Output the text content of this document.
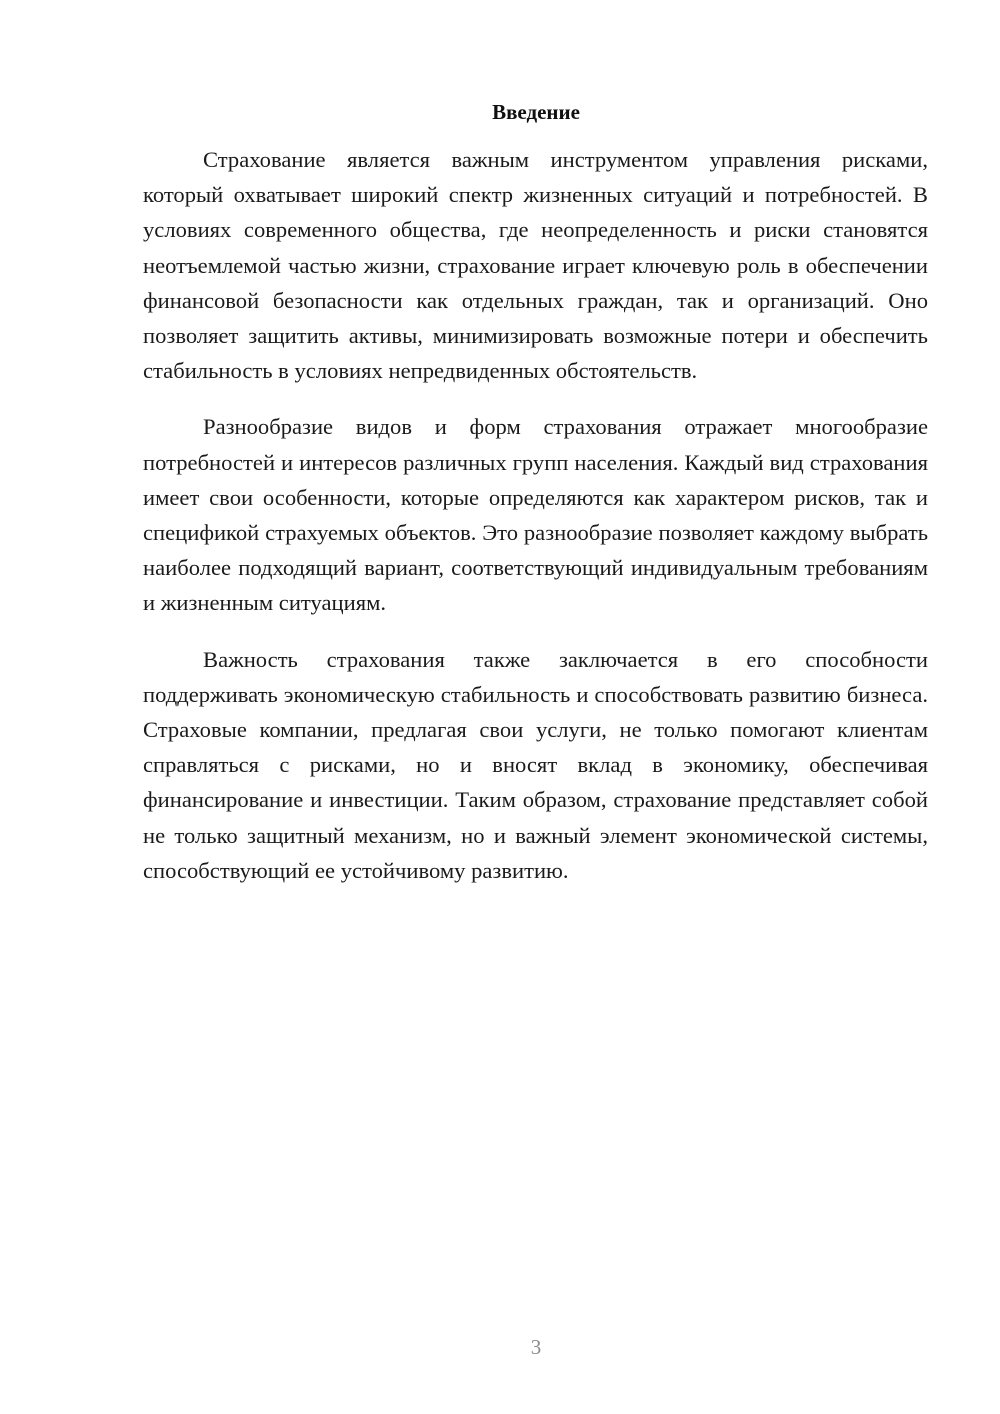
Введение

Страхование является важным инструментом управления рисками, который охватывает широкий спектр жизненных ситуаций и потребностей. В условиях современного общества, где неопределенность и риски становятся неотъемлемой частью жизни, страхование играет ключевую роль в обеспечении финансовой безопасности как отдельных граждан, так и организаций. Оно позволяет защитить активы, минимизировать возможные потери и обеспечить стабильность в условиях непредвиденных обстоятельств.

Разнообразие видов и форм страхования отражает многообразие потребностей и интересов различных групп населения. Каждый вид страхования имеет свои особенности, которые определяются как характером рисков, так и спецификой страхуемых объектов. Это разнообразие позволяет каждому выбрать наиболее подходящий вариант, соответствующий индивидуальным требованиям и жизненным ситуациям.

Важность страхования также заключается в его способности поддерживать экономическую стабильность и способствовать развитию бизнеса. Страховые компании, предлагая свои услуги, не только помогают клиентам справляться с рисками, но и вносят вклад в экономику, обеспечивая финансирование и инвестиции. Таким образом, страхование представляет собой не только защитный механизм, но и важный элемент экономической системы, способствующий ее устойчивому развитию.

3
